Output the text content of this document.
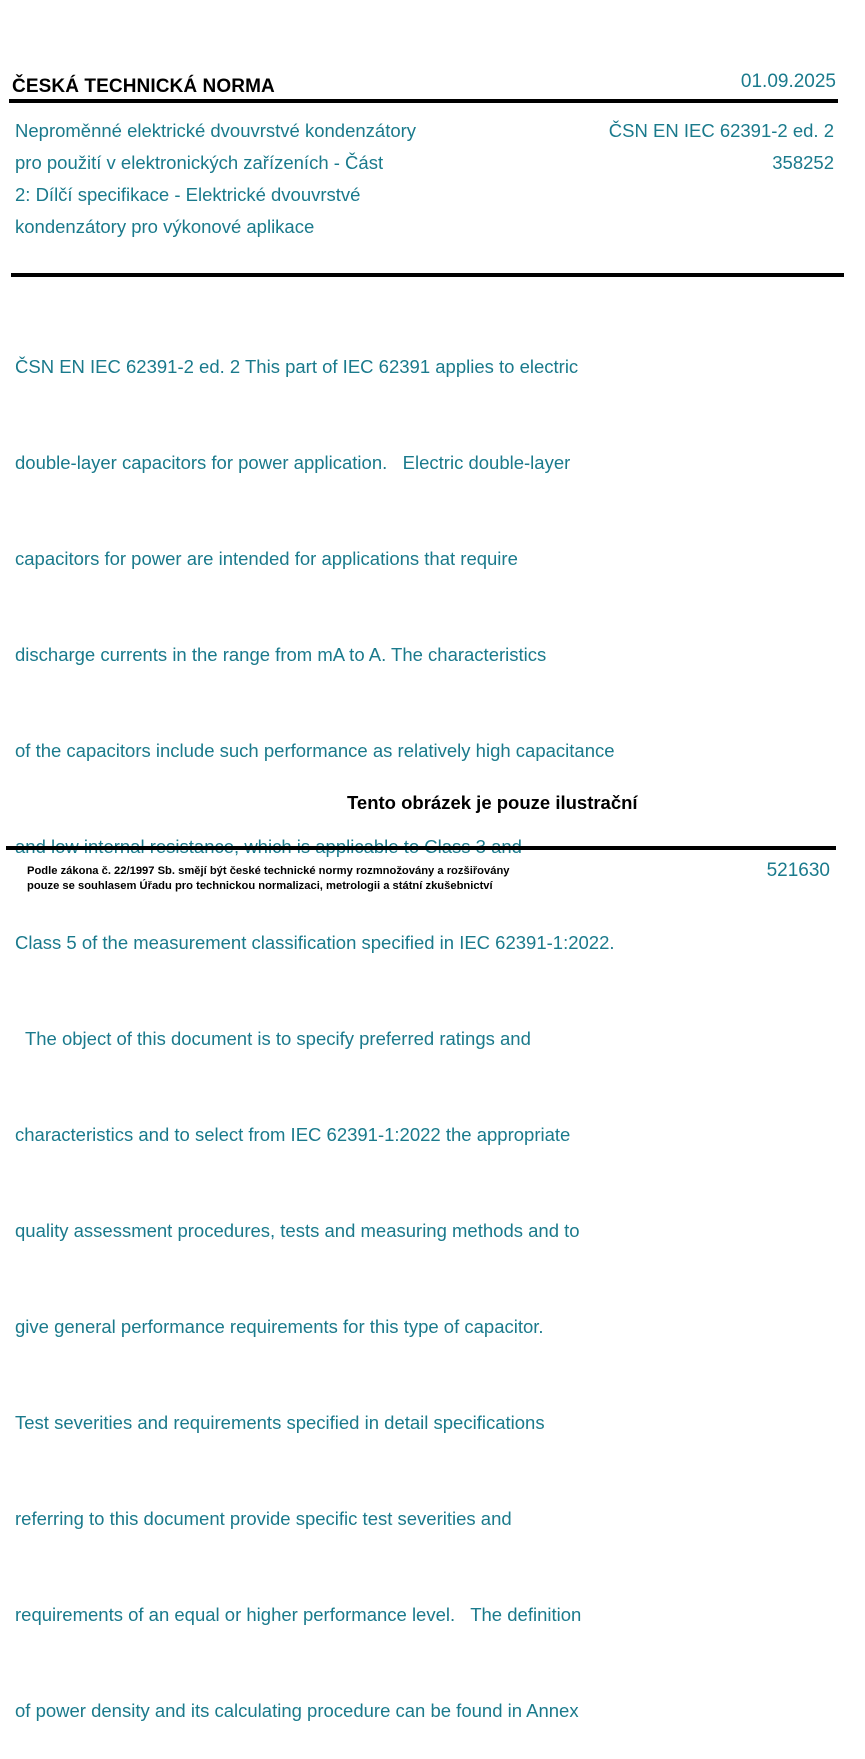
ČESKÁ TECHNICKÁ NORMA	01.09.2025
Neproměnné elektrické dvouvrstvé kondenzátory
pro použití v elektronických zařízeních - Část
2: Dílčí specifikace - Elektrické dvouvrstvé
kondenzátory pro výkonové aplikace
ČSN EN IEC 62391-2 ed. 2
358252

ČSN EN IEC 62391-2 ed. 2 This part of IEC 62391 applies to electric

double-layer capacitors for power application.   Electric double-layer

capacitors for power are intended for applications that require

discharge currents in the range from mA to A. The characteristics

of the capacitors include such performance as relatively high capacitance

Class 5 of the measurement classification specified in IEC 62391-1:2022.

The object of this document is to specify preferred ratings and

characteristics and to select from IEC 62391-1:2022 the appropriate

quality assessment procedures, tests and measuring methods and to

give general performance requirements for this type of capacitor.

Test severities and requirements specified in detail specifications

referring to this document provide specific test severities and

requirements of an equal or higher performance level.   The definition

of power density and its calculating procedure can be found in Annex

Tento obrázek je pouze ilustrační
Podle zákona č. 22/1997 Sb. smějí být české technické normy rozmnožovány a rozšiřovány
pouze se souhlasem Úřadu pro technickou normalizaci, metrologii a státní zkušebnictví
521630
